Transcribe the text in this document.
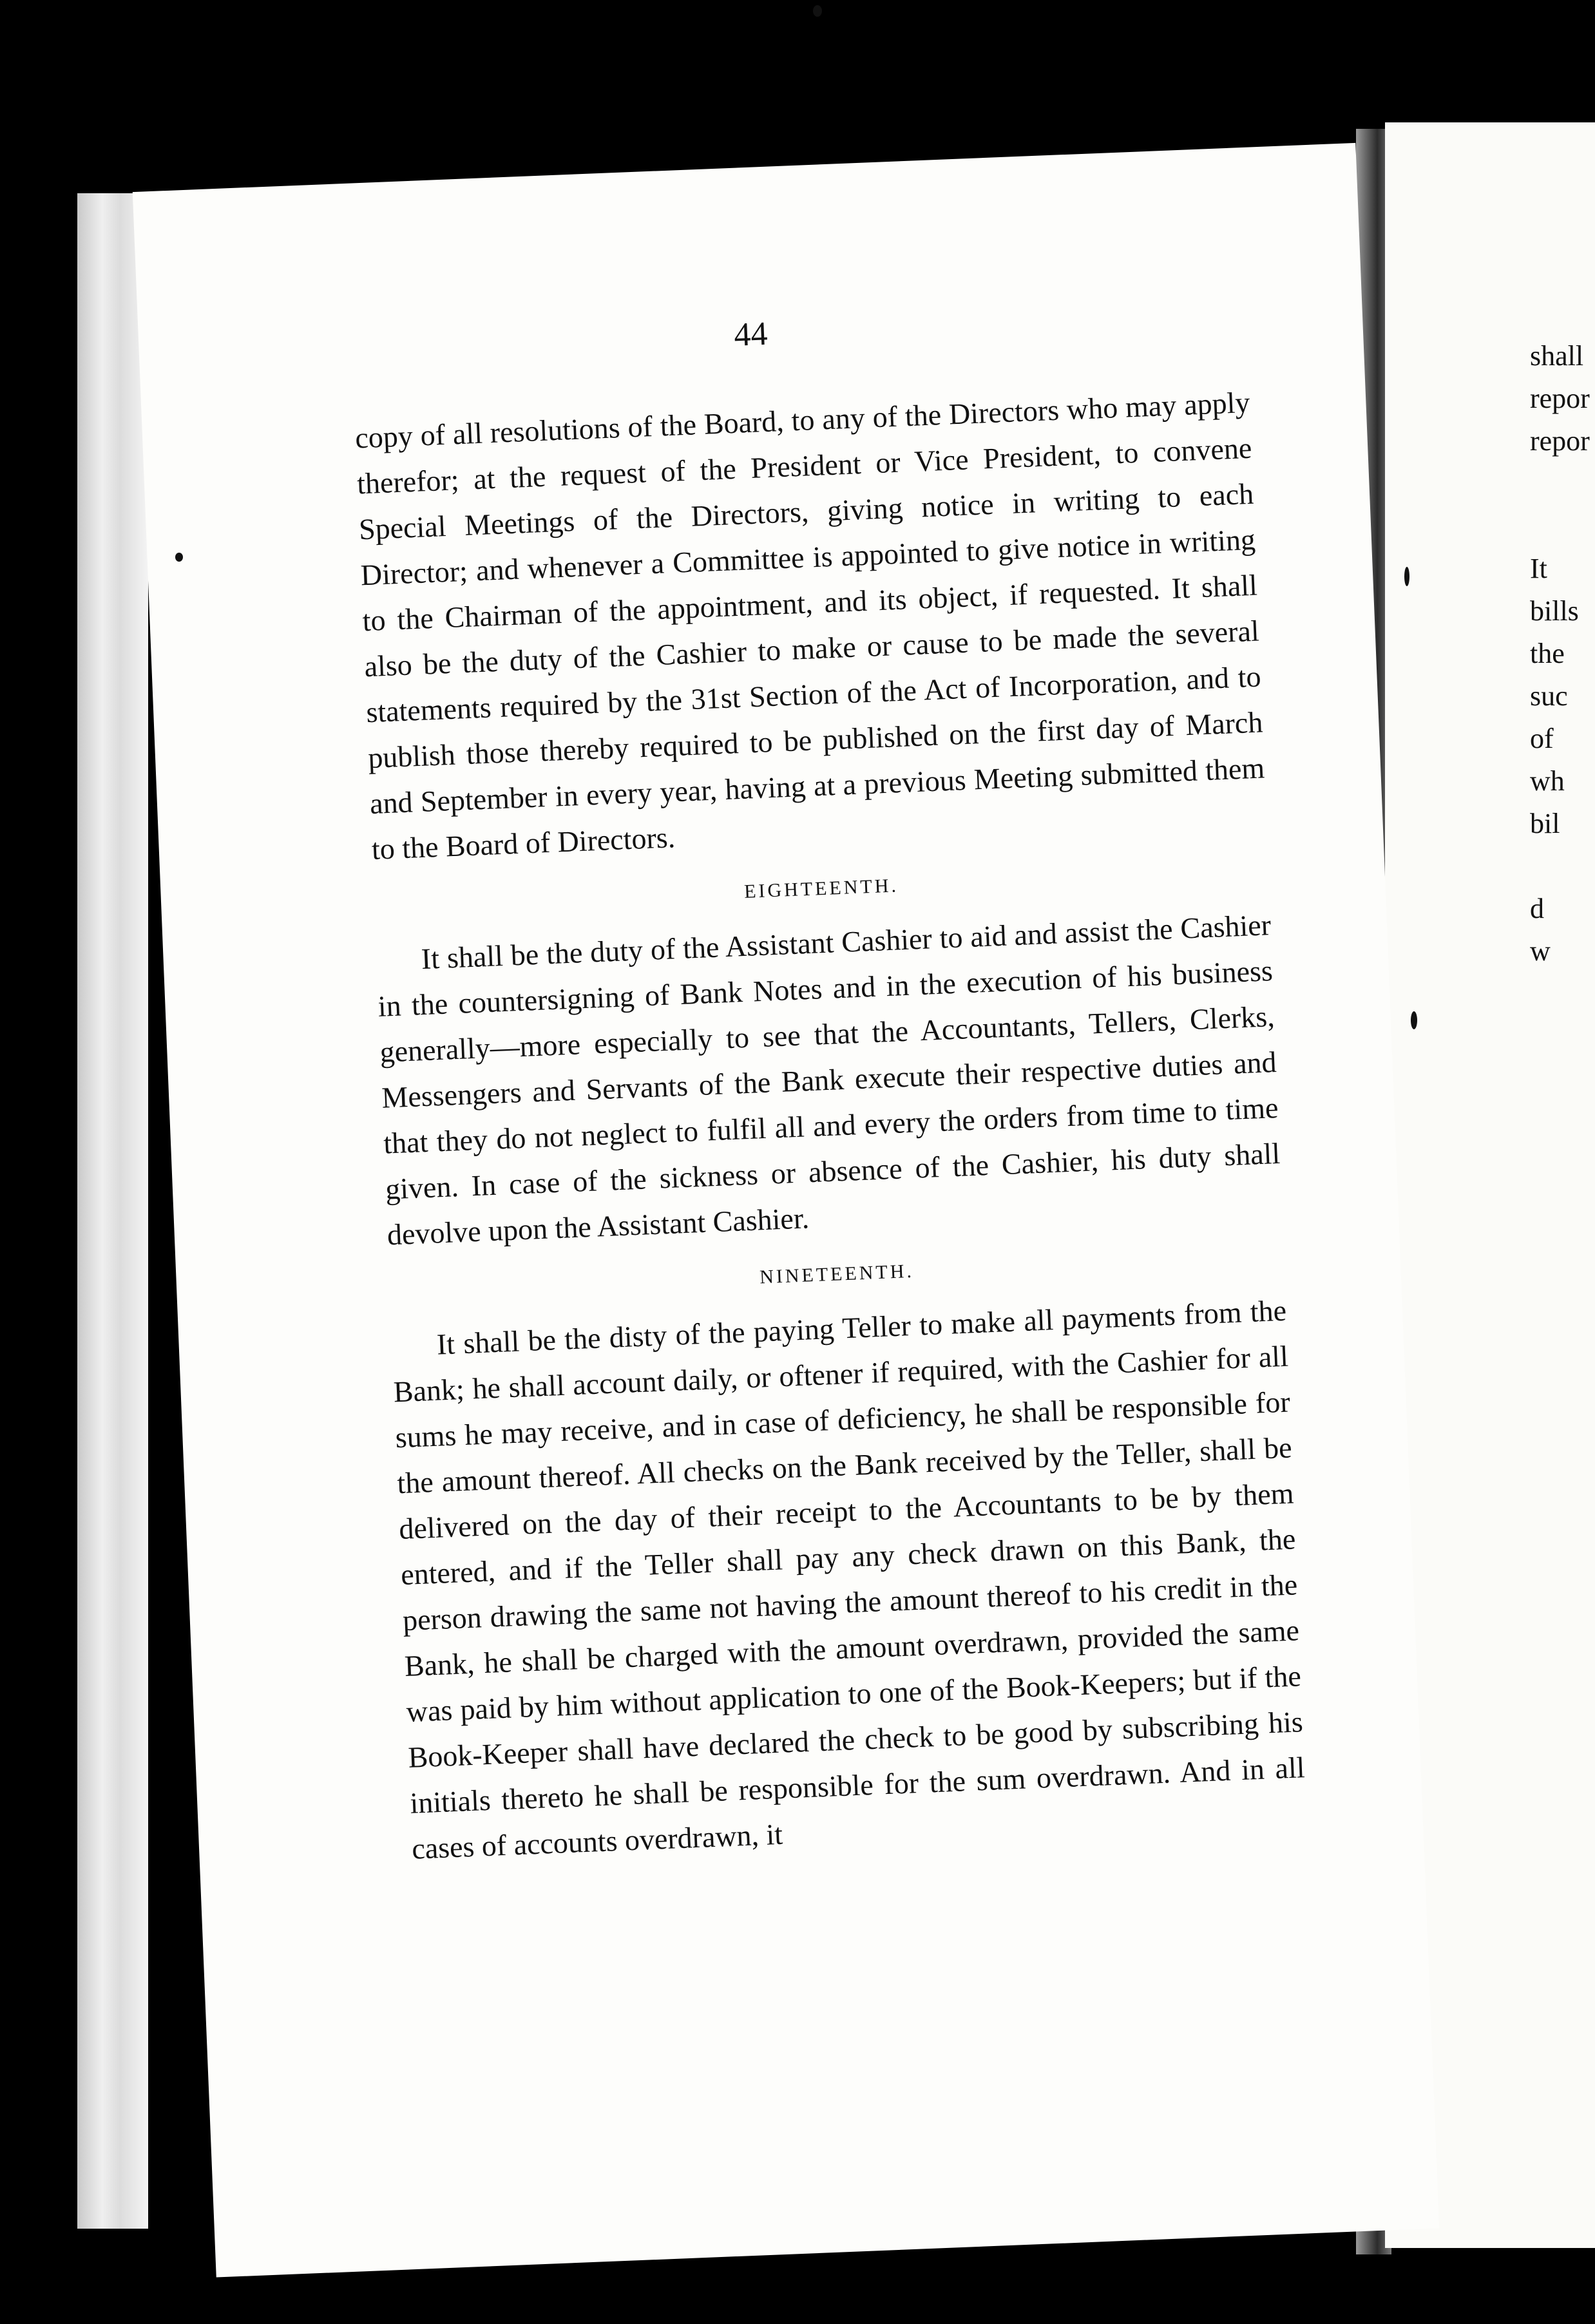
shall
repor
repor
It
bills
the
suc
of
wh
bil
d
w
44

copy of all resolutions of the Board, to any of the Directors who may apply therefor; at the request of the President or Vice President, to convene Special Meetings of the Directors, giving notice in writing to each Director; and whenever a Committee is appointed to give notice in writing to the Chairman of the appointment, and its object, if requested. It shall also be the duty of the Cashier to make or cause to be made the several statements required by the 31st Section of the Act of Incorporation, and to publish those thereby required to be published on the first day of March and September in every year, having at a previous Meeting submitted them to the Board of Directors.

EIGHTEENTH.

It shall be the duty of the Assistant Cashier to aid and assist the Cashier in the countersigning of Bank Notes and in the execution of his business generally—more especially to see that the Accountants, Tellers, Clerks, Messengers and Servants of the Bank execute their respective duties and that they do not neglect to fulfil all and every the orders from time to time given. In case of the sickness or absence of the Cashier, his duty shall devolve upon the Assistant Cashier.

NINETEENTH.

It shall be the disty of the paying Teller to make all payments from the Bank; he shall account daily, or oftener if required, with the Cashier for all sums he may receive, and in case of deficiency, he shall be responsible for the amount thereof. All checks on the Bank received by the Teller, shall be delivered on the day of their receipt to the Accountants to be by them entered, and if the Teller shall pay any check drawn on this Bank, the person drawing the same not having the amount thereof to his credit in the Bank, he shall be charged with the amount overdrawn, provided the same was paid by him without application to one of the Book-Keepers; but if the Book-Keeper shall have declared the check to be good by subscribing his initials thereto he shall be responsible for the sum overdrawn. And in all cases of accounts overdrawn, it
